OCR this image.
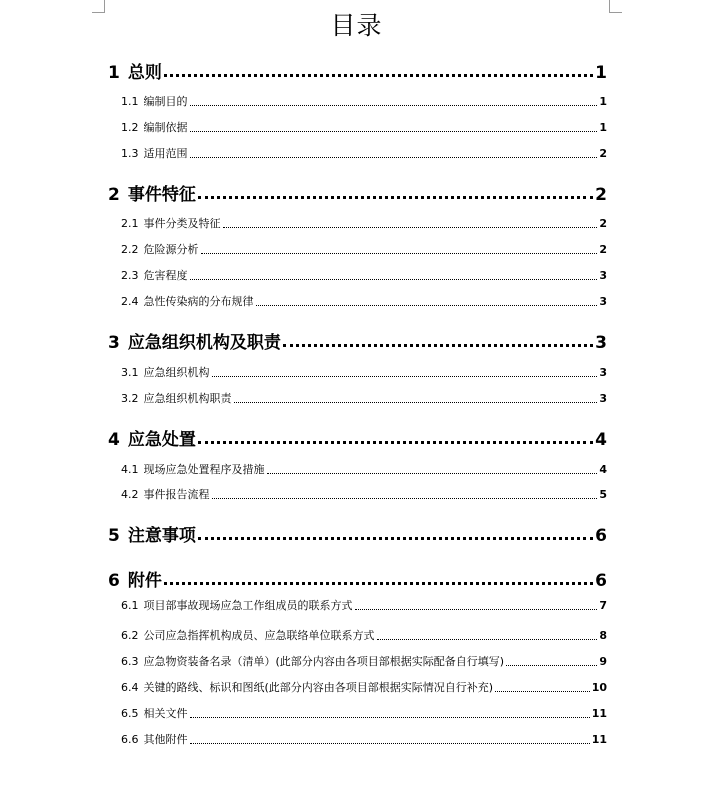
目录
1 总则	1
1.1 编制目的	1
1.2 编制依据	1
1.3 适用范围	2
2 事件特征	2
2.1 事件分类及特征	2
2.2 危险源分析	2
2.3 危害程度	3
2.4 急性传染病的分布规律	3
3 应急组织机构及职责	3
3.1 应急组织机构	3
3.2 应急组织机构职责	3
4 应急处置	4
4.1 现场应急处置程序及措施	4
4.2 事件报告流程	5
5 注意事项	6
6 附件	6
6.1 项目部事故现场应急工作组成员的联系方式	7
6.2 公司应急指挥机构成员、应急联络单位联系方式	8
6.3 应急物资装备名录（清单）(此部分内容由各项目部根据实际配备自行填写)	9
6.4 关键的路线、标识和图纸(此部分内容由各项目部根据实际情况自行补充)	10
6.5 相关文件	11
6.6 其他附件	11
